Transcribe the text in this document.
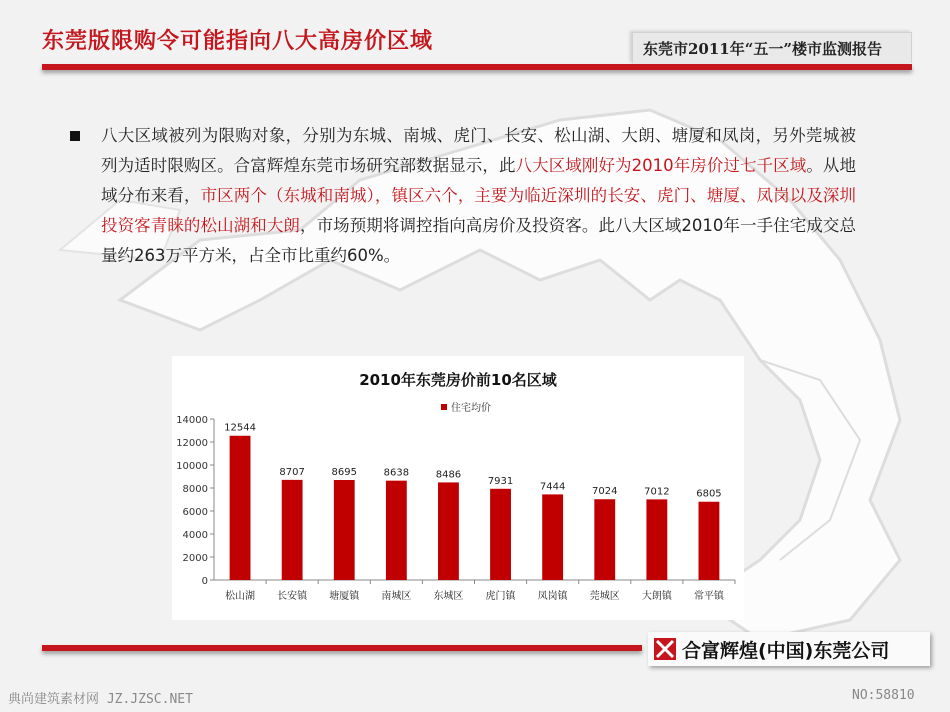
东莞版限购令可能指向八大高房价区域	东莞市2011年“五一”楼市监测报告
八大区域被列为限购对象，分别为东城、南城、虎门、长安、松山湖、大朗、塘厦和凤岗，另外莞城被列为适时限购区。合富辉煌东莞市场研究部数据显示，此八大区域刚好为2010年房价过七千区域。从地域分布来看，市区两个（东城和南城），镇区六个，主要为临近深圳的长安、虎门、塘厦、凤岗以及深圳投资客青睐的松山湖和大朗，市场预期将调控指向高房价及投资客。此八大区域2010年一手住宅成交总量约263万平方米，占全市比重约60%。
2010年东莞房价前10名区域
住宅均价
0
2000
4000
6000
8000
10000
12000
14000
松山湖 长安镇 塘厦镇 南城区 东城区 虎门镇 凤岗镇 莞城区 大朗镇 常平镇
12544
8707	8695	8638	8486
7931
7444	7024	7012	6805
合富辉煌(中国)东莞公司
典尚建筑素材网 JZ.JZSC.NET	NO:58810
